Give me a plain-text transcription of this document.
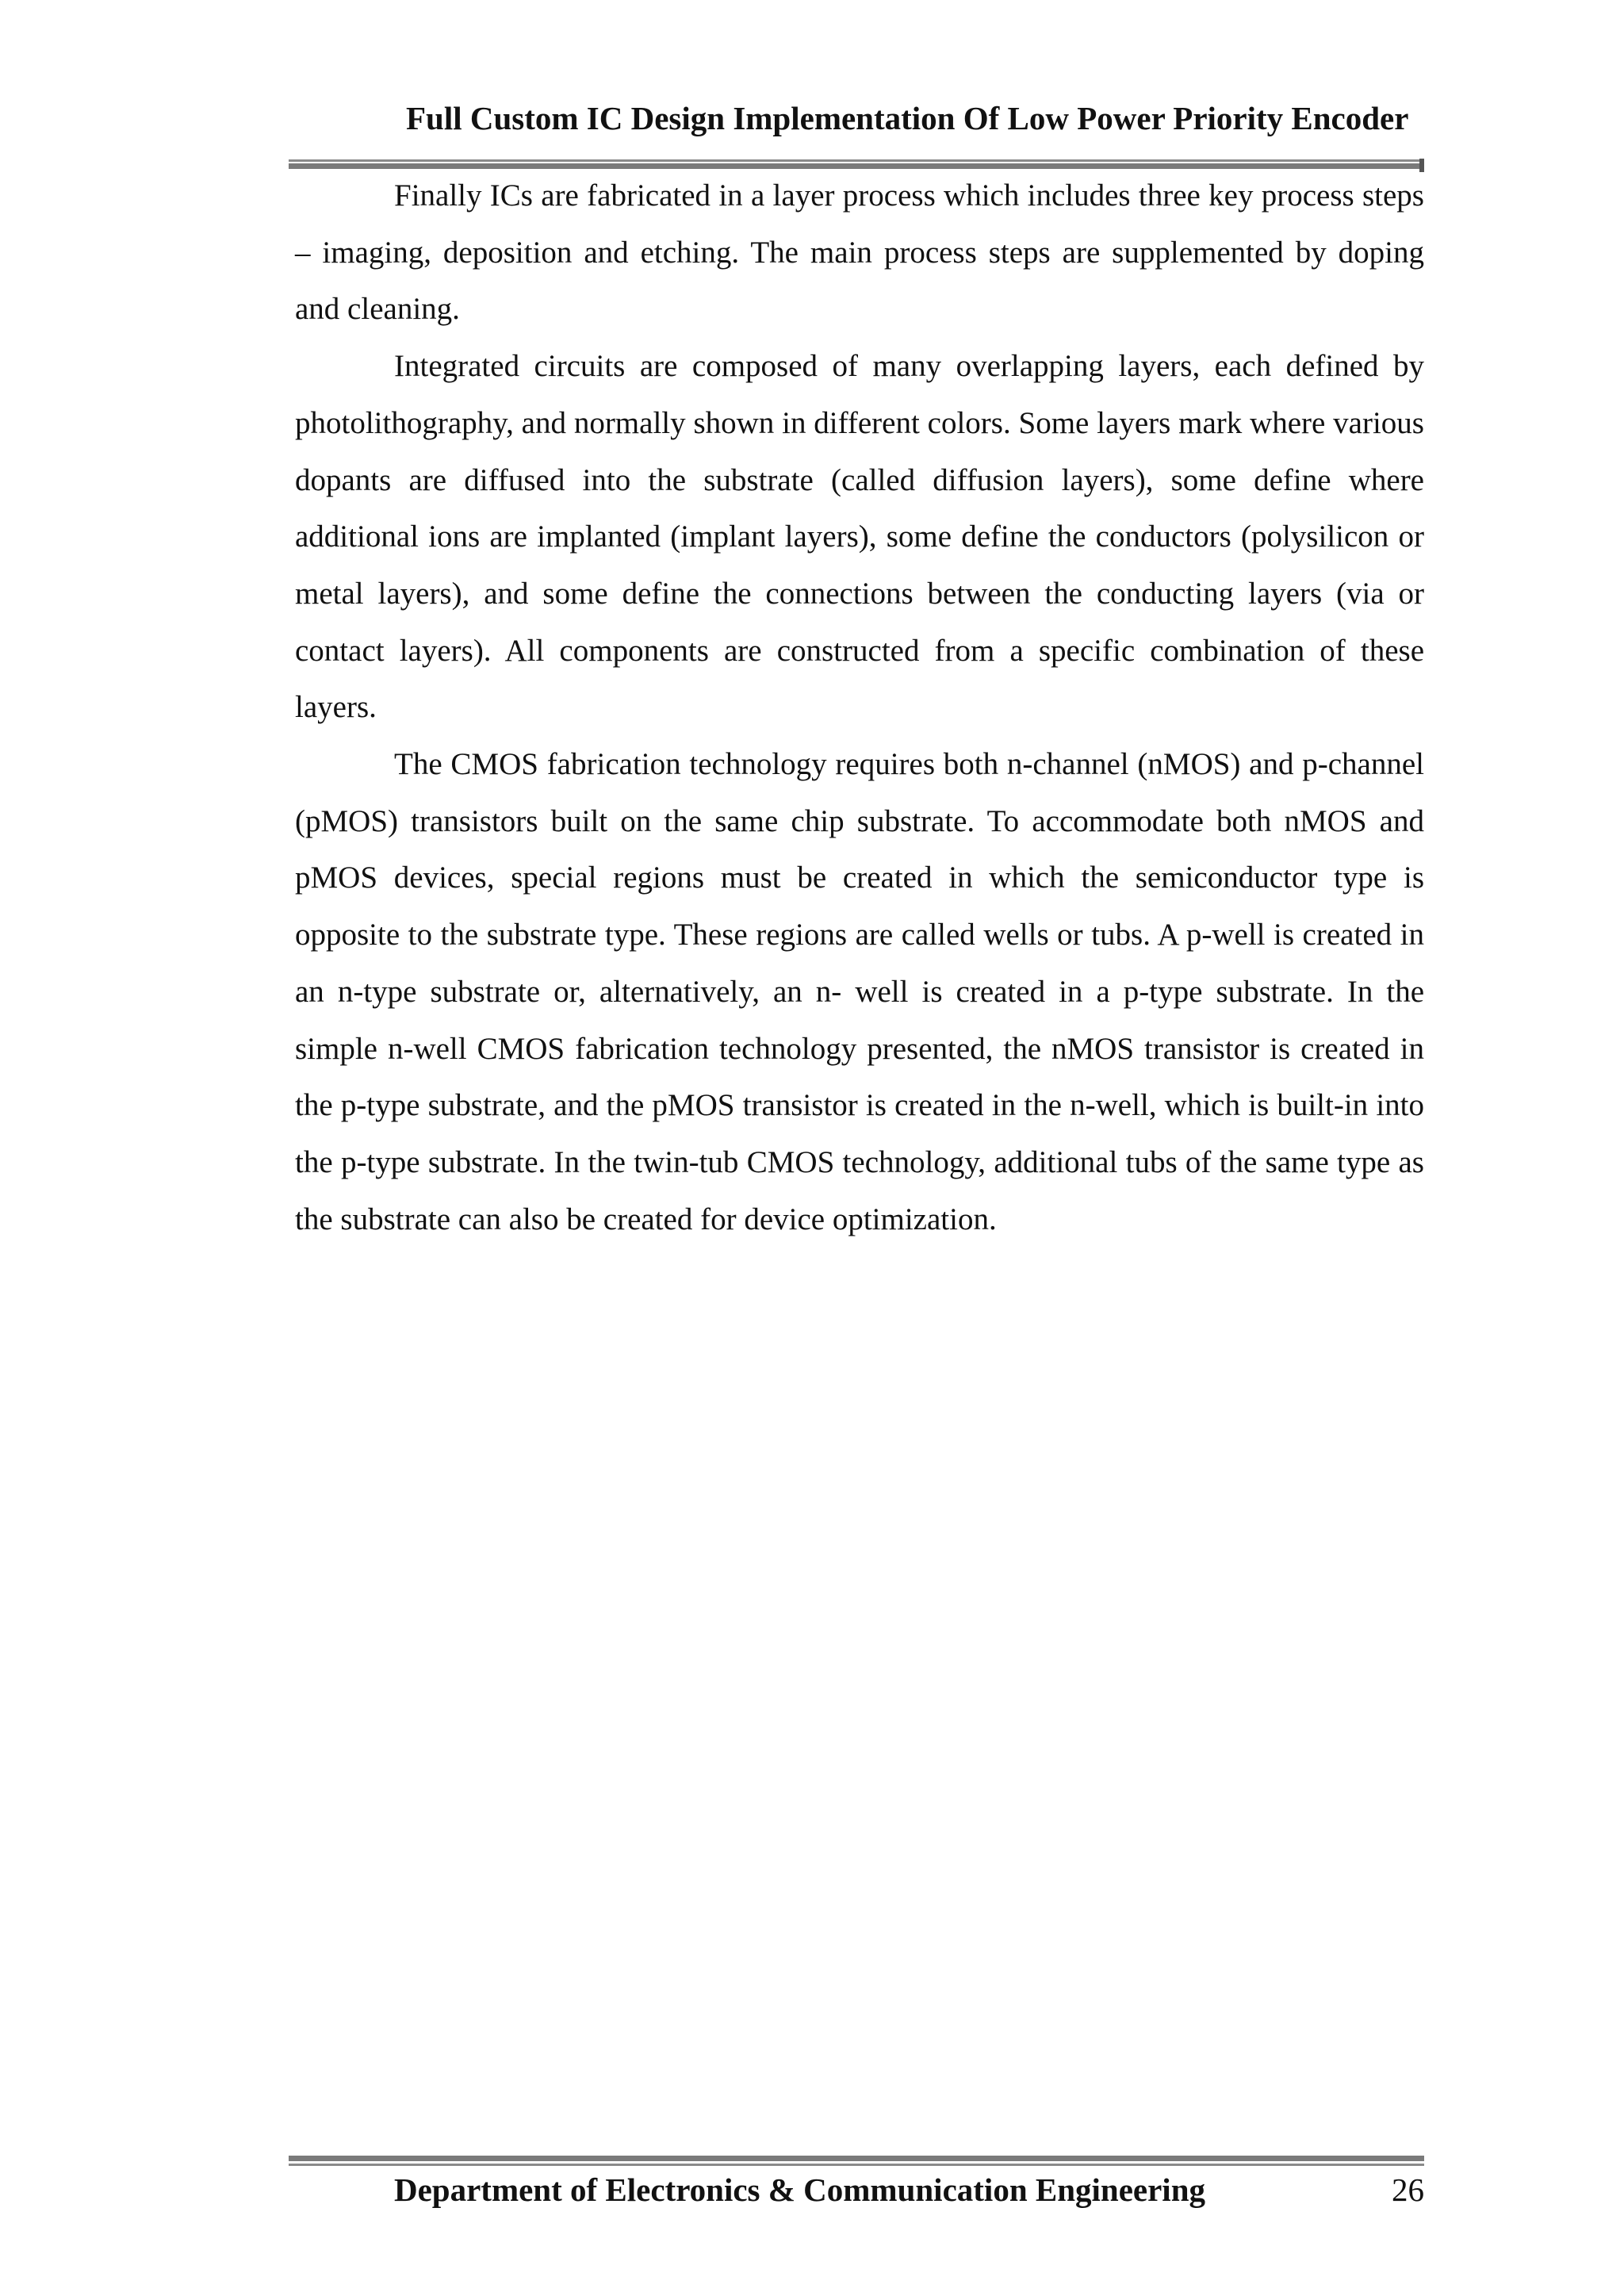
Full Custom IC Design Implementation Of Low Power Priority Encoder

Finally ICs are fabricated in a layer process which includes three key process steps – imaging, deposition and etching. The main process steps are supplemented by doping and cleaning.

Integrated circuits are composed of many overlapping layers, each defined by photolithography, and normally shown in different colors. Some layers mark where various dopants are diffused into the substrate (called diffusion layers), some define where additional ions are implanted (implant layers), some define the conductors (polysilicon or metal layers), and some define the connections between the conducting layers (via or contact layers). All components are constructed from a specific combination of these layers.

The CMOS fabrication technology requires both n-channel (nMOS) and p-channel (pMOS) transistors built on the same chip substrate. To accommodate both nMOS and pMOS devices, special regions must be created in which the semiconductor type is opposite to the substrate type. These regions are called wells or tubs. A p-well is created in an n-type substrate or, alternatively, an n- well is created in a p-type substrate. In the simple n-well CMOS fabrication technology presented, the nMOS transistor is created in the p-type substrate, and the pMOS transistor is created in the n-well, which is built-in into the p-type substrate. In the twin-tub CMOS technology, additional tubs of the same type as the substrate can also be created for device optimization.

Department of Electronics & Communication Engineering	26
